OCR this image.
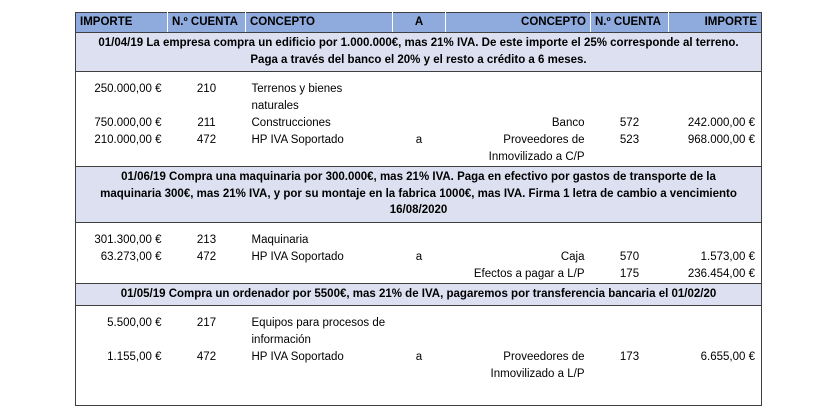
IMPORTE	N.º CUENTA	CONCEPTO	A	CONCEPTO	N.º CUENTA	IMPORTE
01/04/19 La empresa compra un edificio por 1.000.000€, mas 21% IVA. De este importe el 25% corresponde al terreno.
Paga a través del banco el 20% y el resto a crédito a 6 meses.						

250.000,00 €	210	Terrenos y bienes				
		naturales				
750.000,00 €	211	Construcciones		Banco	572	242.000,00 €
210.000,00 €	472	HP IVA Soportado	a	Proveedores de	523	968.000,00 €
				Inmovilizado a C/P		
01/06/19 Compra una maquinaria por 300.000€, mas 21% IVA. Paga en efectivo por gastos de transporte de la
maquinaria 300€, mas 21% IVA, y por su montaje en la fabrica 1000€, mas IVA. Firma 1 letra de cambio a vencimiento
16/08/2020						

301.300,00 €	213	Maquinaria				
63.273,00 €	472	HP IVA Soportado	a	Caja	570	1.573,00 €
				Efectos a pagar a L/P	175	236.454,00 €
01/05/19 Compra un ordenador por 5500€, mas 21% de IVA, pagaremos por transferencia bancaria el 01/02/20						

5.500,00 €	217	Equipos para procesos de				
		información				
1.155,00 €	472	HP IVA Soportado	a	Proveedores de	173	6.655,00 €
				Inmovilizado a L/P		
